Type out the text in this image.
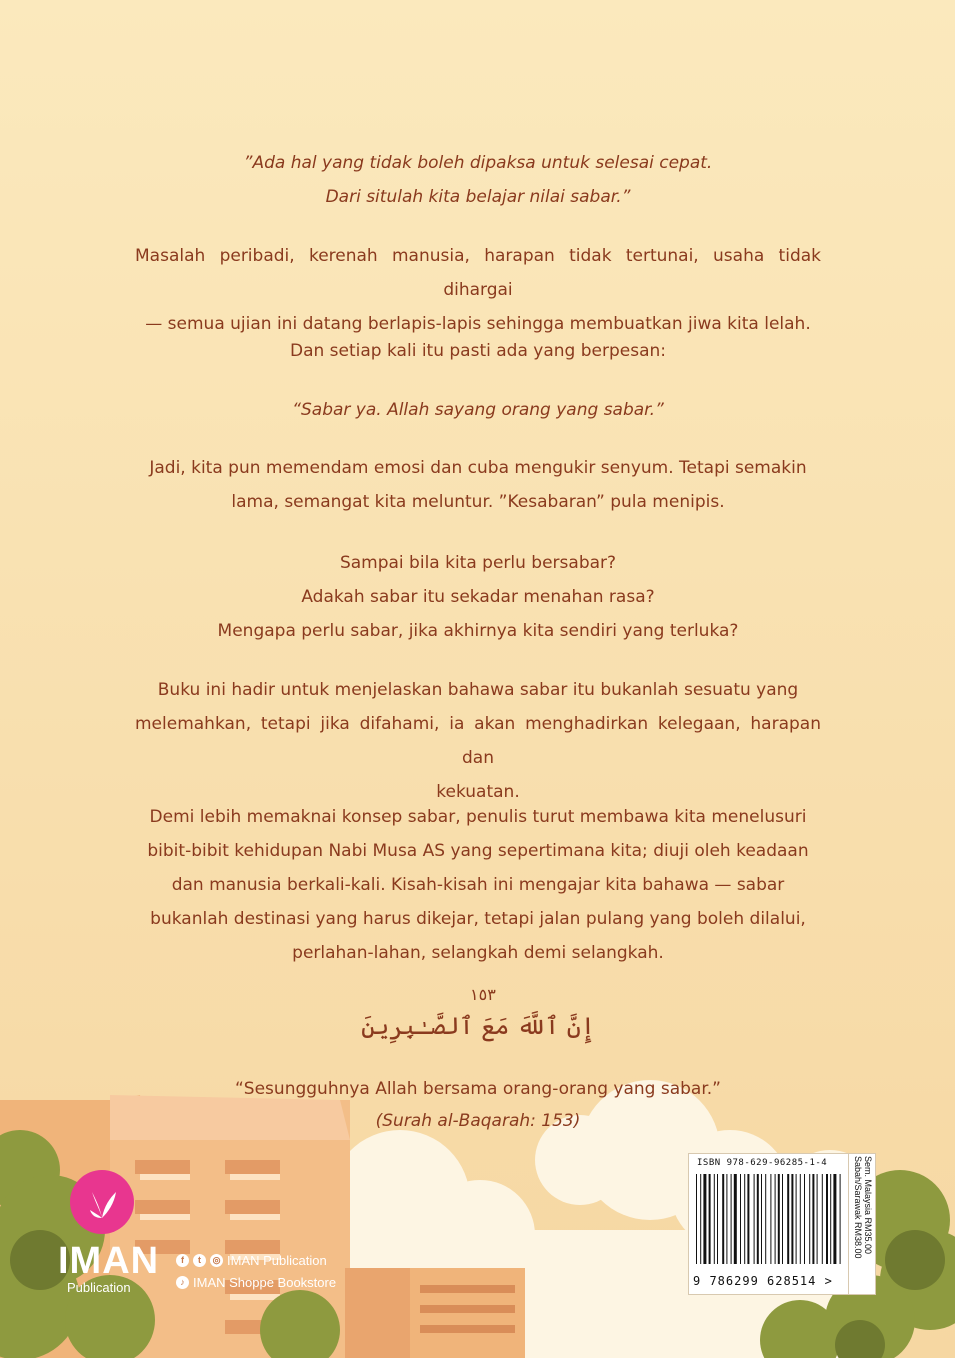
”Ada hal yang tidak boleh dipaksa untuk selesai cepat.
Dari situlah kita belajar nilai sabar.”
Masalah peribadi, kerenah manusia, harapan tidak tertunai, usaha tidak dihargai
— semua ujian ini datang berlapis-lapis sehingga membuatkan jiwa kita lelah.
Dan setiap kali itu pasti ada yang berpesan:
“Sabar ya. Allah sayang orang yang sabar.”
Jadi, kita pun memendam emosi dan cuba mengukir senyum. Tetapi semakin
lama, semangat kita meluntur. ”Kesabaran” pula menipis.
Sampai bila kita perlu bersabar?
Adakah sabar itu sekadar menahan rasa?
Mengapa perlu sabar, jika akhirnya kita sendiri yang terluka?
Buku ini hadir untuk menjelaskan bahawa sabar itu bukanlah sesuatu yang
melemahkan, tetapi jika difahami, ia akan menghadirkan kelegaan, harapan dan
kekuatan.
Demi lebih memaknai konsep sabar, penulis turut membawa kita menelusuri
bibit-bibit kehidupan Nabi Musa AS yang sepertimana kita; diuji oleh keadaan
dan manusia berkali-kali. Kisah-kisah ini mengajar kita bahawa — sabar
bukanlah destinasi yang harus dikejar, tetapi jalan pulang yang boleh dilalui,
perlahan-lahan, selangkah demi selangkah.
١٥٣
إِنَّ ٱللَّهَ مَعَ ٱلصَّـٰبِرِينَ
“Sesungguhnya Allah bersama orang-orang yang sabar.”
(Surah al-Baqarah: 153)
IMAN
Publication
f	t	◎ IMAN Publication
♪ IMAN Shoppe Bookstore
ISBN 978-629-96285-1-4
9 786299 628514 >
Sem. Malaysia RM35.00
Sabah/Sarawak RM38.00
